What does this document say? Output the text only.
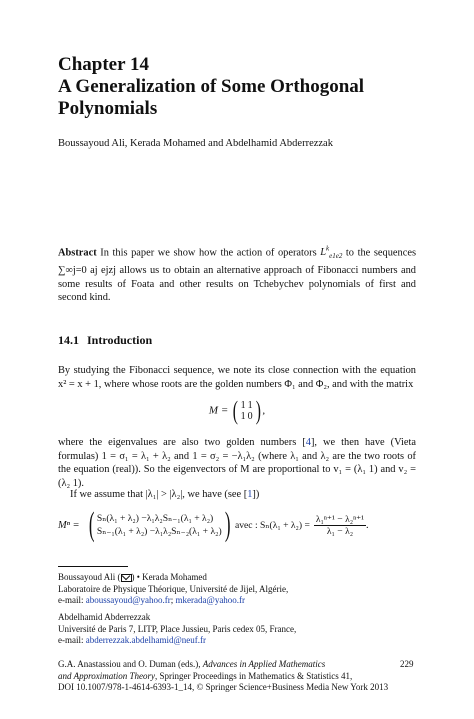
Chapter 14
A Generalization of Some Orthogonal Polynomials
Boussayoud Ali, Kerada Mohamed and Abdelhamid Abderrezzak
Abstract In this paper we show how the action of operators $L^k_{e1e2}$ to the sequences ∑∞j=0 aj ejzj allows us to obtain an alternative approach of Fibonacci numbers and some results of Foata and other results on Tchebychev polynomials of first and second kind.
14.1 Introduction
By studying the Fibonacci sequence, we note its close connection with the equation x² = x + 1, where whose roots are the golden numbers Φ₁ and Φ₂, and with the matrix
M = ( 1
1
1
0 ) ,
where the eigenvalues are also two golden numbers [4], we then have (Vieta formulas) 1 = σ₁ = λ₁ + λ₂ and 1 = σ₂ = −λ₁λ₂ (where λ₁ and λ₂ are the two roots of the equation (real)). So the eigenvectors of M are proportional to v₁ = (λ₁ 1) and v₂ = (λ₂ 1).
If we assume that |λ₁| > |λ₂|, we have (see [1])
Mⁿ = ( Sₙ(λ₁ + λ₂) −λ₁λ₂Sₙ₋₁(λ₁ + λ₂)
Sₙ₋₁(λ₁ + λ₂) −λ₁λ₂Sₙ₋₂(λ₁ + λ₂) ) avec : $S_n(\lambda_1 + \lambda_2) = \frac{\text{λ₁ⁿ⁺¹ − λ₂ⁿ⁺¹}}{\text{λ₁ − λ₂}}$ .
Boussayoud Ali ( ) • Kerada Mohamed
Laboratoire de Physique Théorique, Université de Jijel, Algérie,
e-mail: aboussayoud@yahoo.fr; mkerada@yahoo.fr
Abdelhamid Abderrezzak
Université de Paris 7, LITP, Place Jussieu, Paris cedex 05, France,
e-mail: abderrezzak.abdelhamid@neuf.fr
G.A. Anastassiou and O. Duman (eds.), Advances in Applied Mathematics
and Approximation Theory, Springer Proceedings in Mathematics & Statistics 41,
DOI 10.1007/978-1-4614-6393-1_14, © Springer Science+Business Media New York 2013
229
